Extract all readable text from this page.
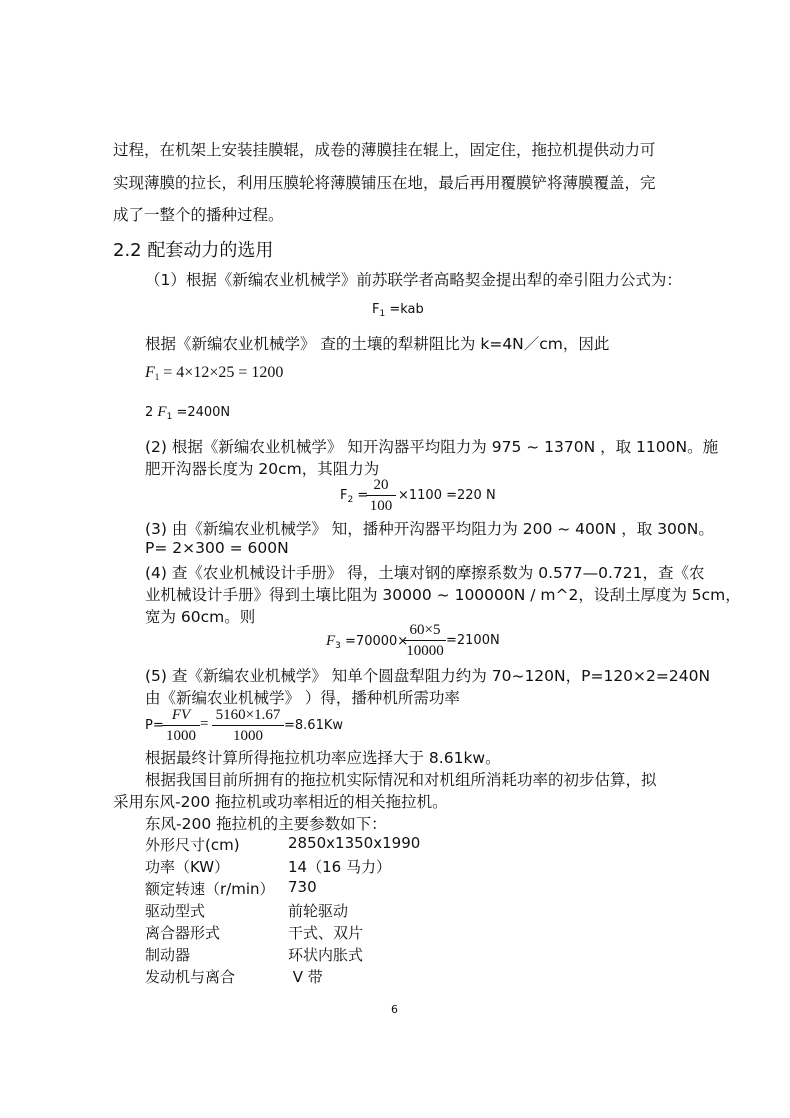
过程，在机架上安装挂膜辊，成卷的薄膜挂在辊上，固定住，拖拉机提供动力可
实现薄膜的拉长，利用压膜轮将薄膜铺压在地，最后再用覆膜铲将薄膜覆盖，完
成了一整个的播种过程。
2.2 配套动力的选用
（1）根据《新编农业机械学》前苏联学者高略契金提出犁的牵引阻力公式为：
$F_1 =kab$
根据《新编农业机械学》 查的土壤的犁耕阻比为 k=4N／cm，因此
$F_1 = 4\times 12\times 25 = 1200$
2 $F_1 =2400N$
(2) 根据《新编农业机械学》 知开沟器平均阻力为 975 ~ 1370N ，取 1100N。施
肥开沟器长度为 20cm，其阻力为
$F_2$ =
20
100
×1100 =220 N
(3) 由《新编农业机械学》 知，播种开沟器平均阻力为 200 ~ 400N ，取 300N。
P= 2×300 = 600N
(4) 查《农业机械设计手册》 得，土壤对钢的摩擦系数为 0.577—0.721，查《农
业机械设计手册》得到土壤比阻为 30000 ~ 100000N / m^2，设刮土厚度为 5cm，
宽为 60cm。则
$F_3 =70000\times$
60×5
10000
=2100N
(5) 查《新编农业机械学》 知单个圆盘犁阻力约为 70~120N，P=120×2=240N
由《新编农业机械学》 ）得，播种机所需功率
P=
FV
1000
=
5160×1.67
1000
=8.61Kw
根据最终计算所得拖拉机功率应选择大于 8.61kw。
根据我国目前所拥有的拖拉机实际情况和对机组所消耗功率的初步估算，拟
采用东风-200 拖拉机或功率相近的相关拖拉机。
东风-200 拖拉机的主要参数如下：
外形尺寸(cm)	2850x1350x1990
功率（KW）	14（16 马力）
额定转速（r/min） 730
驱动型式	前轮驱动
离合器形式	干式、双片
制动器	环状内胀式
发动机与离合	V 带
6
